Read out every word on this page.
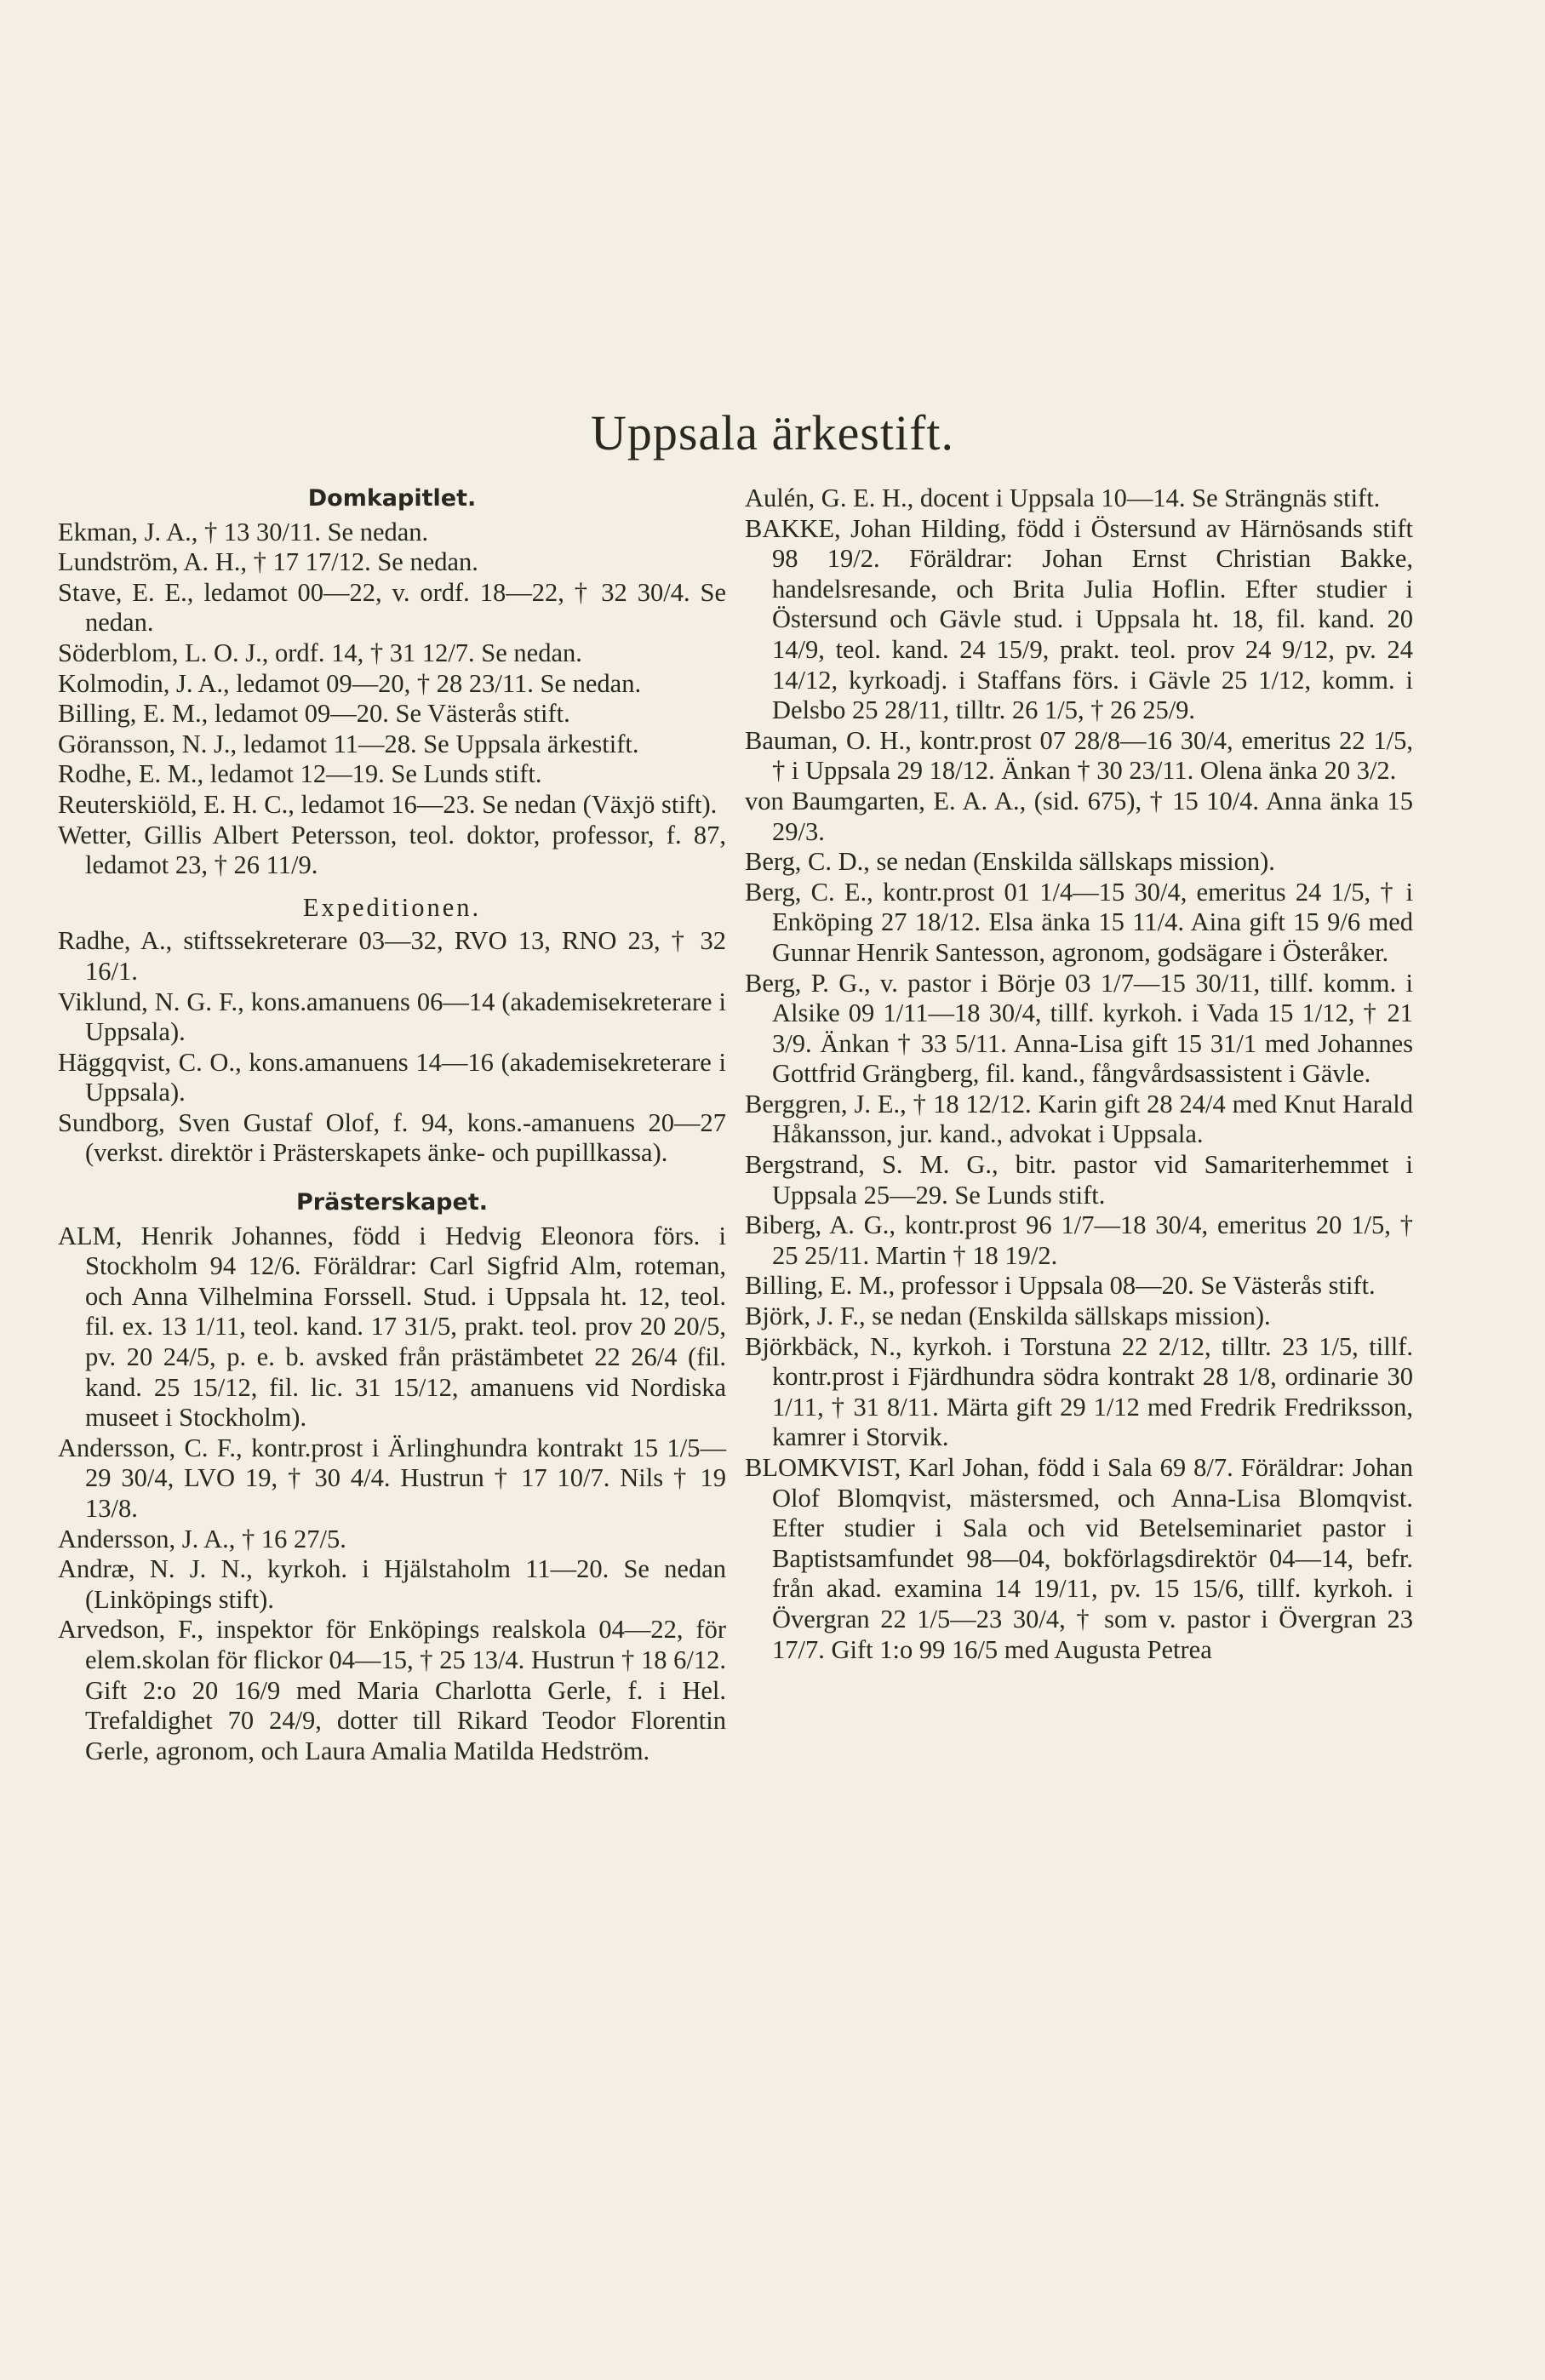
Uppsala ärkestift.
Domkapitlet.

Ekman, J. A., † 13 30/11. Se nedan.

Lundström, A. H., † 17 17/12. Se nedan.

Stave, E. E., ledamot 00—22, v. ordf. 18—22, † 32 30/4. Se nedan.

Söderblom, L. O. J., ordf. 14, † 31 12/7. Se nedan.

Kolmodin, J. A., ledamot 09—20, † 28 23/11. Se nedan.

Billing, E. M., ledamot 09—20. Se Västerås stift.

Göransson, N. J., ledamot 11—28. Se Uppsala ärkestift.

Rodhe, E. M., ledamot 12—19. Se Lunds stift.

Reuterskiöld, E. H. C., ledamot 16—23. Se nedan (Växjö stift).

Wetter, Gillis Albert Petersson, teol. doktor, professor, f. 87, ledamot 23, † 26 11/9.

Expeditionen.

Radhe, A., stiftssekreterare 03—32, RVO 13, RNO 23, † 32 16/1.

Viklund, N. G. F., kons.amanuens 06—14 (akademisekreterare i Uppsala).

Häggqvist, C. O., kons.amanuens 14—16 (akademisekreterare i Uppsala).

Sundborg, Sven Gustaf Olof, f. 94, kons.-amanuens 20—27 (verkst. direktör i Prästerskapets änke- och pupillkassa).

Prästerskapet.

ALM, Henrik Johannes, född i Hedvig Eleonora förs. i Stockholm 94 12/6. Föräldrar: Carl Sigfrid Alm, roteman, och Anna Vilhelmina Forssell. Stud. i Uppsala ht. 12, teol. fil. ex. 13 1/11, teol. kand. 17 31/5, prakt. teol. prov 20 20/5, pv. 20 24/5, p. e. b. avsked från prästämbetet 22 26/4 (fil. kand. 25 15/12, fil. lic. 31 15/12, amanuens vid Nordiska museet i Stockholm).

Andersson, C. F., kontr.prost i Ärlinghundra kontrakt 15 1/5—29 30/4, LVO 19, † 30 4/4. Hustrun † 17 10/7. Nils † 19 13/8.

Andersson, J. A., † 16 27/5.

Andræ, N. J. N., kyrkoh. i Hjälstaholm 11—20. Se nedan (Linköpings stift).

Arvedson, F., inspektor för Enköpings realskola 04—22, för elem.skolan för flickor 04—15, † 25 13/4. Hustrun † 18 6/12. Gift 2:o 20 16/9 med Maria Charlotta Gerle, f. i Hel. Trefaldighet 70 24/9, dotter till Rikard Teodor Florentin Gerle, agronom, och Laura Amalia Matilda Hedström.

Aulén, G. E. H., docent i Uppsala 10—14. Se Strängnäs stift.

BAKKE, Johan Hilding, född i Östersund av Härnösands stift 98 19/2. Föräldrar: Johan Ernst Christian Bakke, handelsresande, och Brita Julia Hoflin. Efter studier i Östersund och Gävle stud. i Uppsala ht. 18, fil. kand. 20 14/9, teol. kand. 24 15/9, prakt. teol. prov 24 9/12, pv. 24 14/12, kyrkoadj. i Staffans förs. i Gävle 25 1/12, komm. i Delsbo 25 28/11, tilltr. 26 1/5, † 26 25/9.

Bauman, O. H., kontr.prost 07 28/8—16 30/4, emeritus 22 1/5, † i Uppsala 29 18/12. Änkan † 30 23/11. Olena änka 20 3/2.

von Baumgarten, E. A. A., (sid. 675), † 15 10/4. Anna änka 15 29/3.

Berg, C. D., se nedan (Enskilda sällskaps mission).

Berg, C. E., kontr.prost 01 1/4—15 30/4, emeritus 24 1/5, † i Enköping 27 18/12. Elsa änka 15 11/4. Aina gift 15 9/6 med Gunnar Henrik Santesson, agronom, godsägare i Österåker.

Berg, P. G., v. pastor i Börje 03 1/7—15 30/11, tillf. komm. i Alsike 09 1/11—18 30/4, tillf. kyrkoh. i Vada 15 1/12, † 21 3/9. Änkan † 33 5/11. Anna-Lisa gift 15 31/1 med Johannes Gottfrid Grängberg, fil. kand., fångvårdsassistent i Gävle.

Berggren, J. E., † 18 12/12. Karin gift 28 24/4 med Knut Harald Håkansson, jur. kand., advokat i Uppsala.

Bergstrand, S. M. G., bitr. pastor vid Samariterhemmet i Uppsala 25—29. Se Lunds stift.

Biberg, A. G., kontr.prost 96 1/7—18 30/4, emeritus 20 1/5, † 25 25/11. Martin † 18 19/2.

Billing, E. M., professor i Uppsala 08—20. Se Västerås stift.

Björk, J. F., se nedan (Enskilda sällskaps mission).

Björkbäck, N., kyrkoh. i Torstuna 22 2/12, tilltr. 23 1/5, tillf. kontr.prost i Fjärdhundra södra kontrakt 28 1/8, ordinarie 30 1/11, † 31 8/11. Märta gift 29 1/12 med Fredrik Fredriksson, kamrer i Storvik.

BLOMKVIST, Karl Johan, född i Sala 69 8/7. Föräldrar: Johan Olof Blomqvist, mästersmed, och Anna-Lisa Blomqvist. Efter studier i Sala och vid Betelseminariet pastor i Baptistsamfundet 98—04, bokförlagsdirektör 04—14, befr. från akad. examina 14 19/11, pv. 15 15/6, tillf. kyrkoh. i Övergran 22 1/5—23 30/4, † som v. pastor i Övergran 23 17/7. Gift 1:o 99 16/5 med Augusta Petrea
